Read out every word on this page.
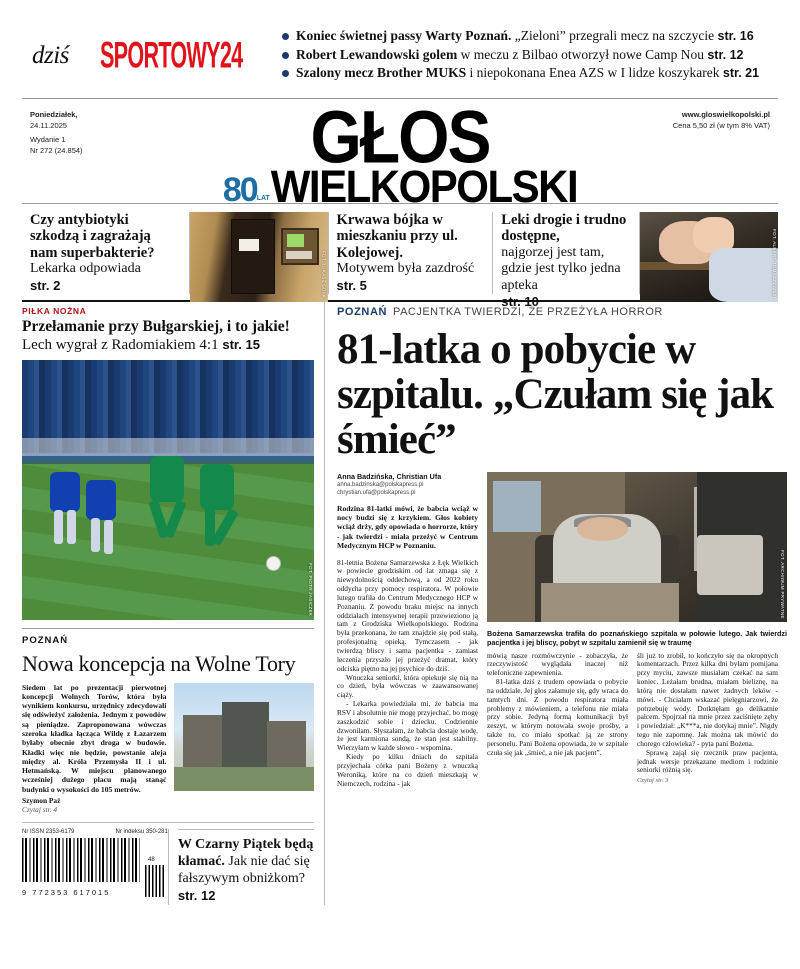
dziś	SPORTOWY24	Koniec świetnej passy Warty Poznań. „Zieloni” przegrali mecz na szczycie str. 16
Robert Lewandowski golem w meczu z Bilbao otworzył nowe Camp Nou str. 12
Szalony mecz Brother MUKS i niepokonana Enea AZS w I lidze koszykarek str. 21
Poniedziałek,
24.11.2025
Wydanie 1
Nr 272 (24.854)
www.gloswielkopolski.pl
Cena 5,50 zł (w tym 8% VAT)
GŁOS
80 LAT WIELKOPOLSKI
Czy antybiotyki szkodzą i zagrażają nam superbakterie?
Lekarka odpowiada
str. 2	FOT. ŁUKASZ GDAK
Krwawa bójka w mieszkaniu przy ul. Kolejowej.
Motywem była zazdrość
str. 5
Leki drogie i trudno dostępne,
najgorzej jest tam, gdzie jest tylko jedna apteka
str. 10
FOT. ALBERT TOMASZEWSKI
PIŁKA NOŻNA
Przełamanie przy Bułgarskiej, i to jakie!
Lech wygrał z Radomiakiem 4:1 str. 15
FOT. PIOTR JASICZEK
POZNAŃ
Nowa koncepcja na Wolne Tory
Siedem lat po prezentacji pierwotnej koncepcji Wolnych Torów, która była wynikiem konkursu, urzędnicy zdecydowali się odświeżyć założenia. Jednym z powodów są pieniądze. Zaproponowana wówczas szeroka kładka łącząca Wildę z Łazarzem byłaby obecnie zbyt droga w budowie. Kładki więc nie będzie, powstanie aleja między al. Króla Przemysła II i ul. Hetmańską. W miejscu planowanego wcześniej dużego placu mają stanąć budynki o wysokości do 105 metrów.
Szymon Paź
Czytaj str. 4
Nr ISSN 2353-6179	Nr indeksu 350-281
9 772353 617015
48
W Czarny Piątek będą kłamać. Jak nie dać się fałszywym obniżkom? str. 12
POZNAŃ PACJENTKA TWIERDZI, ŻE PRZEŻYŁA HORROR
81-latka o pobycie w szpitalu. „Czułam się jak śmieć”
Anna Badzińska, Christian Ufa
anna.badzinska@polskapress.pl
chrystian.ufa@polskapress.pl
Rodzina 81-latki mówi, że babcia wciąż w nocy budzi się z krzykiem. Głos kobiety wciąż drży, gdy opowiada o horrorze, który - jak twierdzi - miała przeżyć w Centrum Medycznym HCP w Poznaniu.

81-letnia Bożena Samarzewska z Łęk Wielkich w powiecie grodziskim od lat zmaga się z niewydolnością oddechową, a od 2022 roku oddycha przy pomocy respiratora. W połowie lutego trafiła do Centrum Medycznego HCP w Poznaniu. Z powodu braku miejsc na innych oddziałach intensywnej terapii przewieziono ją tam z Grodziska Wielkopolskiego. Rodzina była przekonana, że tam znajdzie się pod stałą, profesjonalną opieką. Tymczasem - jak twierdzą bliscy i sama pacjentka - zamiast leczenia przyszło jej przeżyć dramat, który odciska piętno na jej psychice do dziś.

Wnuczka seniorki, która opiekuje się nią na co dzień, była wówczas w zaawansowanej ciąży.

- Lekarka powiedziała mi, że babcia ma RSV i absolutnie nie mogę przyjechać, bo mogę zaszkodzić sobie i dziecku. Codziennie dzwoniłam. Słyszałam, że babcia dostaje wodę, że jest karmiona sondą, że stan jest stabilny. Wierzyłam w każde słowo - wspomina.

Kiedy po kilku dniach do szpitala przyjechała córka pani Bożeny z wnuczką Weroniką, które na co dzień mieszkają w Niemczech, rodzina - jak

FOT. ARCHIWUM PRYWATNE
Bożena Samarzewska trafiła do poznańskiego szpitala w połowie lutego. Jak twierdzi pacjentka i jej bliscy, pobyt w szpitalu zamienił się w traumę

mówią nasze rozmówczynie - zobaczyła, że rzeczywistość wyglądała inaczej niż telefoniczne zapewnienia.

81-latka dziś z trudem opowiada o pobycie na oddziale. Jej głos załamuje się, gdy wraca do tamtych dni. Z powodu respiratora miała problemy z mówieniem, a telefonu nie miała przy sobie. Jedyną formą komunikacji był zeszyt, w którym notowała swoje prośby, a także to, co miało spotkać ją ze strony personelu. Pani Bożena opowiada, że w szpitale czuła się jak „śmieć, a nie jak pacjent”.

śli już to zrobił, to kończyło się na okropnych komentarzach. Przez kilka dni byłam pomijana przy myciu, zawsze musiałam czekać na sam koniec. Leżałam brudna, miałam bieliznę, na którą nie dostałam nawet żadnych leków - mówi. - Chciałam wskazać pielęgniarzowi, że potrzebuję wody. Dotknęłam go delikatnie palcem. Spojrzał na mnie przez zaciśnięte zęby i powiedział: „K***a, nie dotykaj mnie”. Nigdy tego nie zapomnę. Jak można tak mówić do chorego człowieka? - pyta pani Bożena.

Sprawą zajął się rzecznik praw pacjenta, jednak wersje przekazane mediom i rodzinie seniorki różnią się.

Czytaj str. 3
